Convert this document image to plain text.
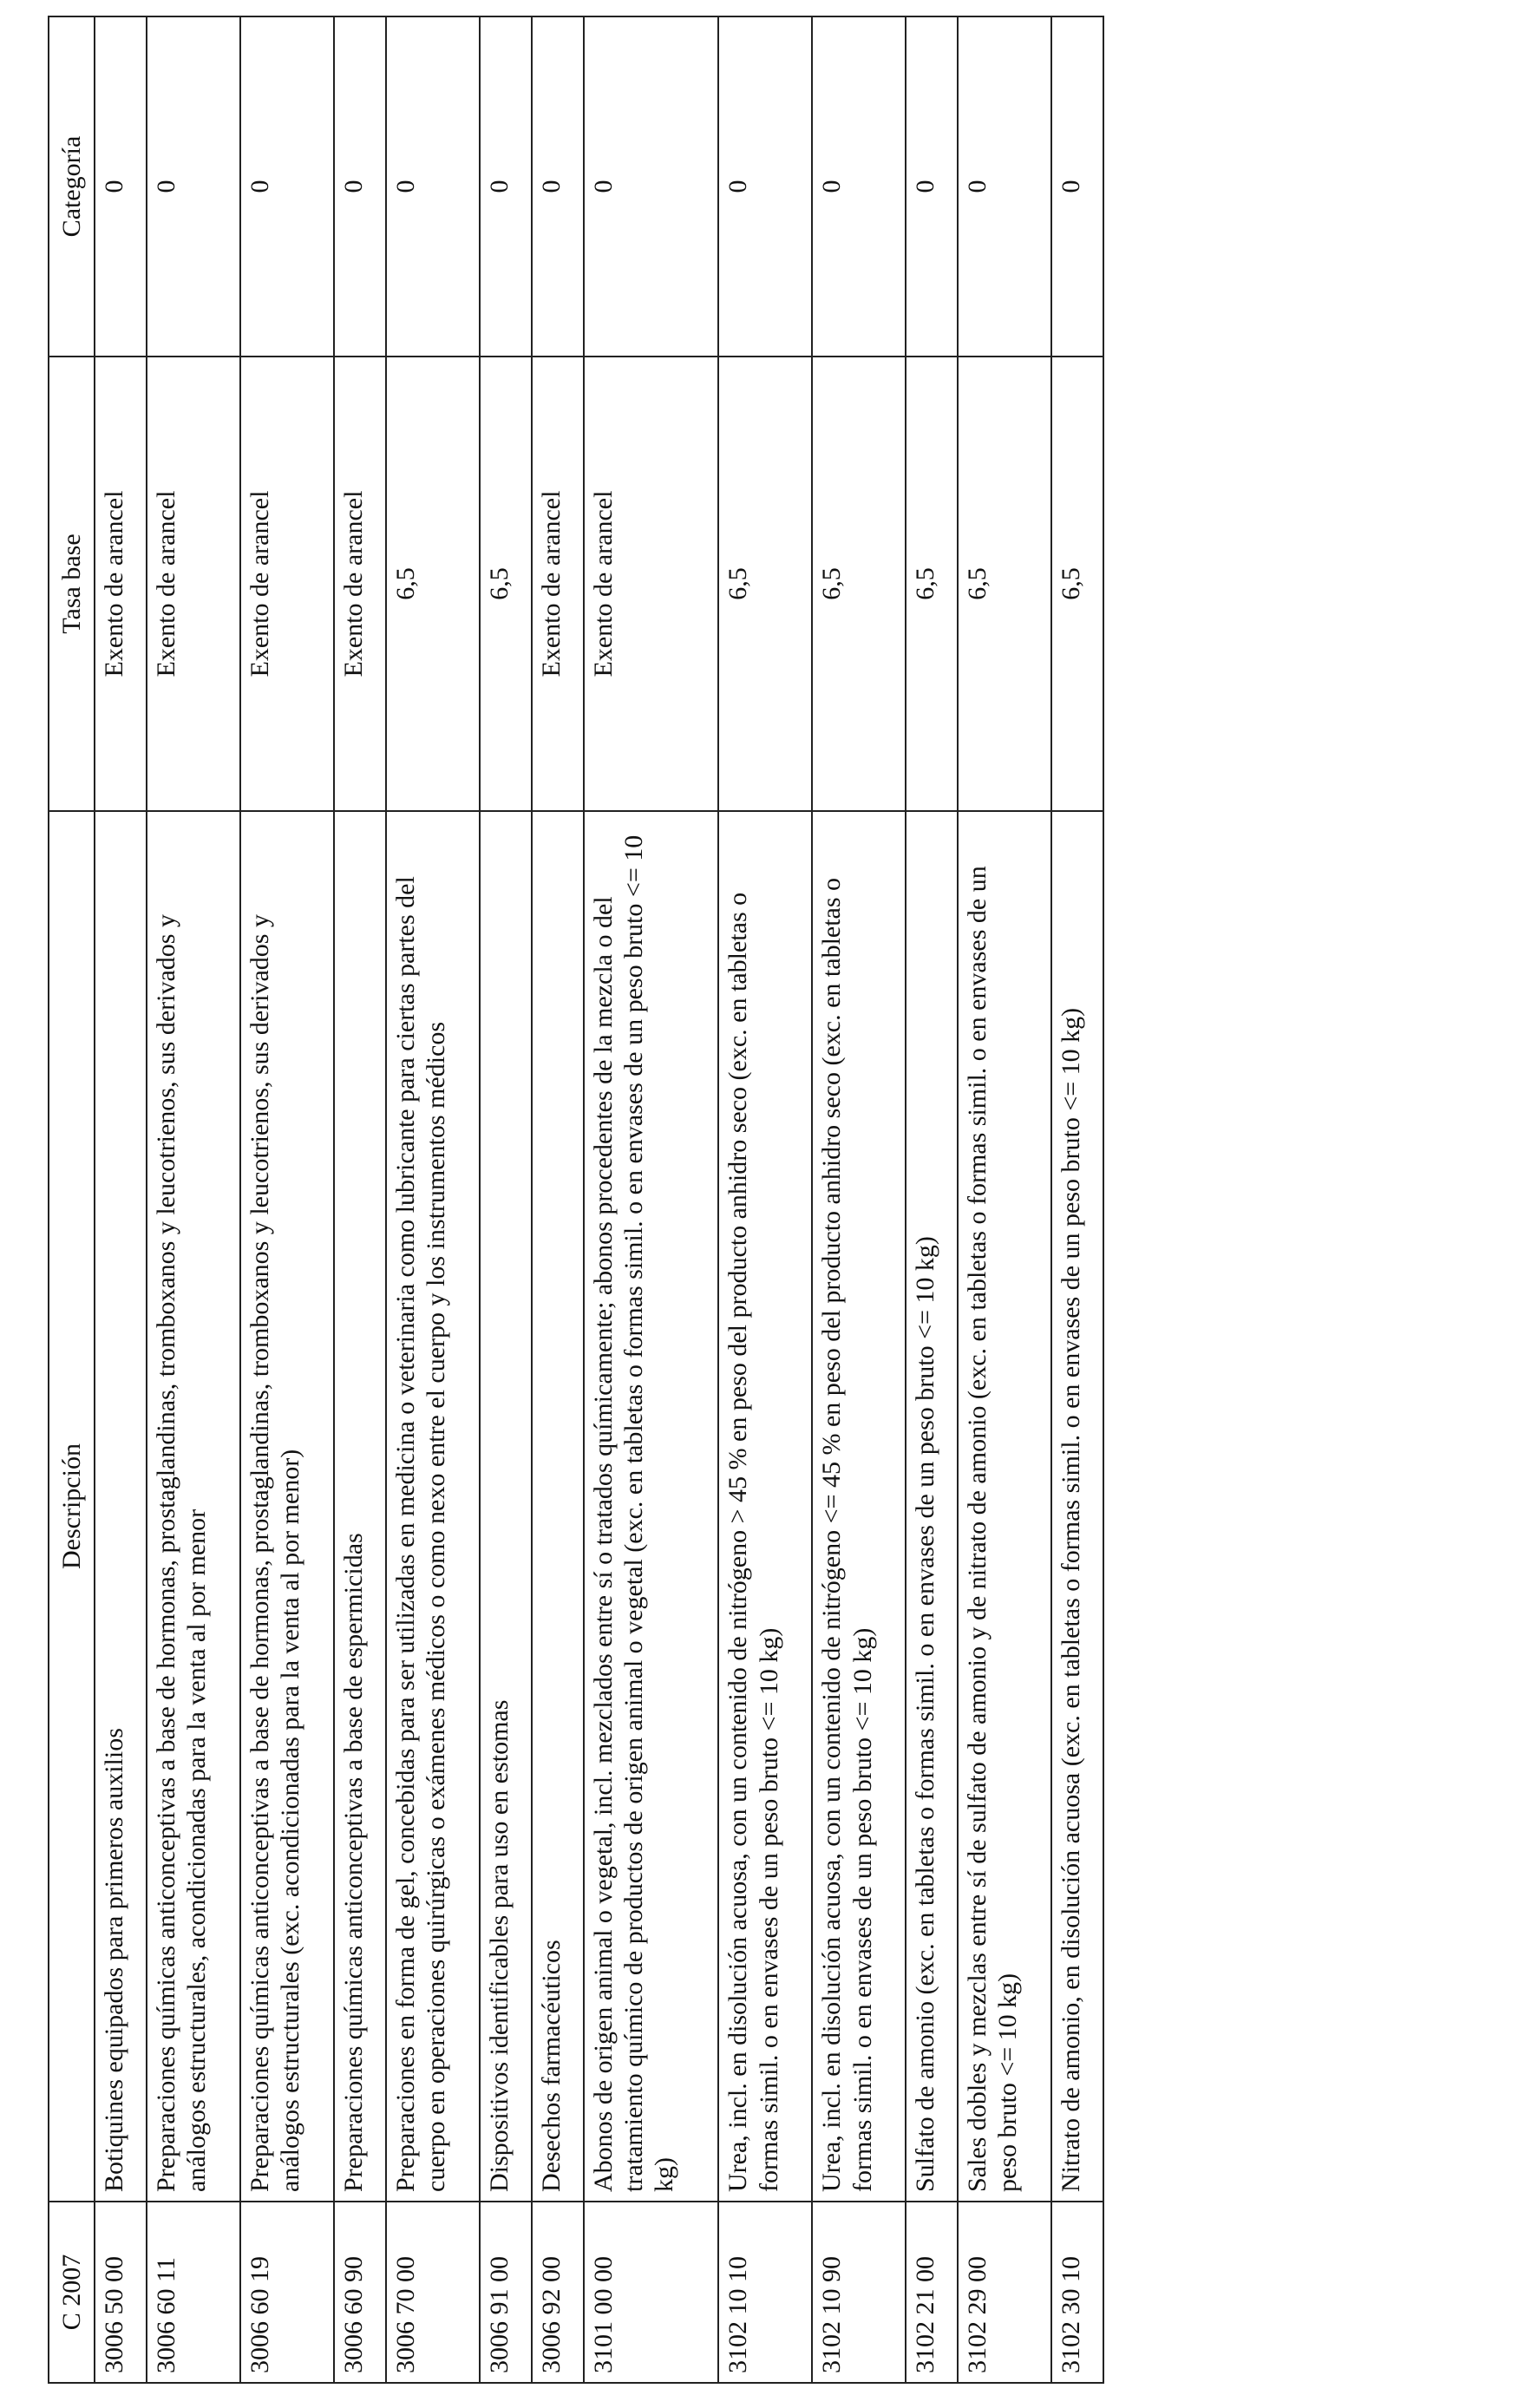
C 2007	Descripción	Tasa base	Categoría
3006 50 00	Botiquines equipados para primeros auxilios	Exento de arancel	0
3006 60 11	Preparaciones químicas anticonceptivas a base de hormonas, prostaglandinas, tromboxanos y leucotrienos, sus derivados y análogos estructurales, acondicionadas para la venta al por menor	Exento de arancel	0
3006 60 19	Preparaciones químicas anticonceptivas a base de hormonas, prostaglandinas, tromboxanos y leucotrienos, sus derivados y análogos estructurales (exc. acondicionadas para la venta al por menor)	Exento de arancel	0
3006 60 90	Preparaciones químicas anticonceptivas a base de espermicidas	Exento de arancel	0
3006 70 00	Preparaciones en forma de gel, concebidas para ser utilizadas en medicina o veterinaria como lubricante para ciertas partes del cuerpo en operaciones quirúrgicas o exámenes médicos o como nexo entre el cuerpo y los instrumentos médicos	6,5	0
3006 91 00	Dispositivos identificables para uso en estomas	6,5	0
3006 92 00	Desechos farmacéuticos	Exento de arancel	0
3101 00 00	Abonos de origen animal o vegetal, incl. mezclados entre sí o tratados químicamente; abonos procedentes de la mezcla o del tratamiento químico de productos de origen animal o vegetal (exc. en tabletas o formas simil. o en envases de un peso bruto <= 10 kg)	Exento de arancel	0
3102 10 10	Urea, incl. en disolución acuosa, con un contenido de nitrógeno > 45 % en peso del producto anhidro seco (exc. en tabletas o formas simil. o en envases de un peso bruto <= 10 kg)	6,5	0
3102 10 90	Urea, incl. en disolución acuosa, con un contenido de nitrógeno <= 45 % en peso del producto anhidro seco (exc. en tabletas o formas simil. o en envases de un peso bruto <= 10 kg)	6,5	0
3102 21 00	Sulfato de amonio (exc. en tabletas o formas simil. o en envases de un peso bruto <= 10 kg)	6,5	0
3102 29 00	Sales dobles y mezclas entre sí de sulfato de amonio y de nitrato de amonio (exc. en tabletas o formas simil. o en envases de un peso bruto <= 10 kg)	6,5	0
3102 30 10	Nitrato de amonio, en disolución acuosa (exc. en tabletas o formas simil. o en envases de un peso bruto <= 10 kg)	6,5	0
